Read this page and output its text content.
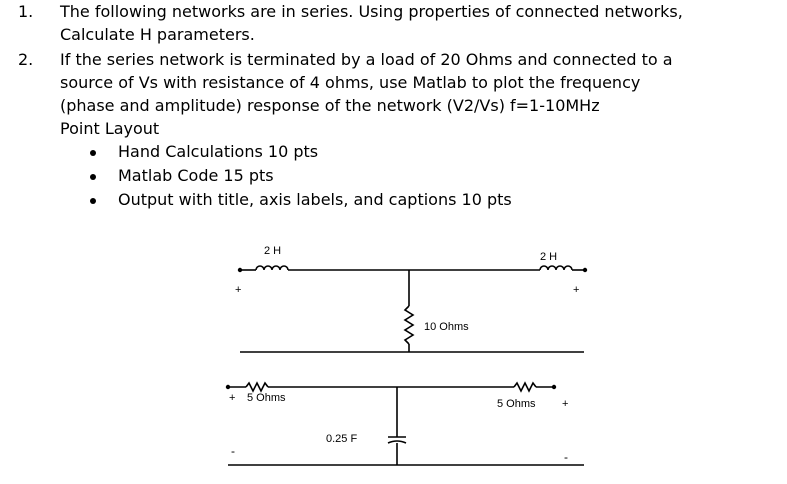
1. The following networks are in series. Using properties of connected networks,
Calculate H parameters.
2. If the series network is terminated by a load of 20 Ohms and connected to a
source of Vs with resistance of 4 ohms, use Matlab to plot the frequency
(phase and amplitude) response of the network (V2/Vs) f=1-10MHz
Point Layout
Hand Calculations 10 pts
Matlab Code 15 pts
Output with title, axis labels, and captions 10 pts
2 H	2 H
10 Ohms
+	+
+ 5 Ohms	5 Ohms +
0.25 F
-	-
